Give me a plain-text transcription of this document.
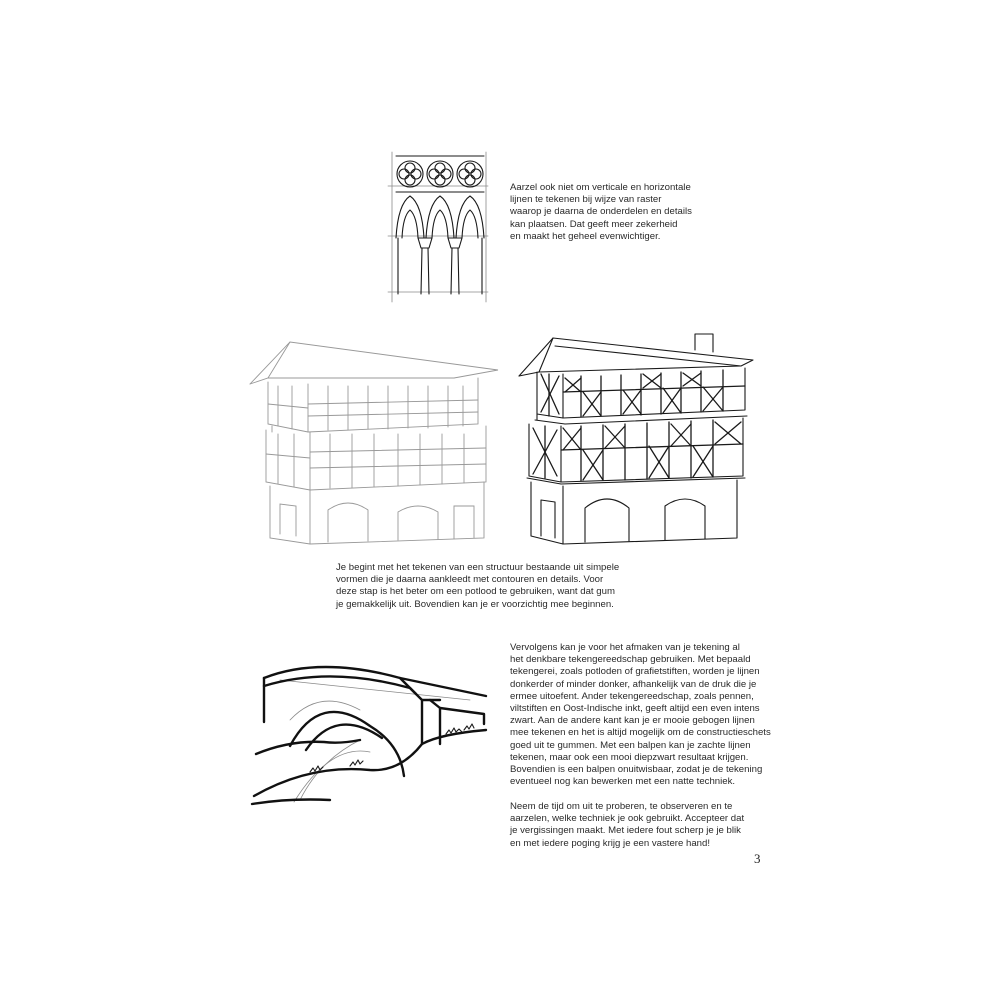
Aarzel ook niet om verticale en horizontale

lijnen te tekenen bij wijze van raster

waarop je daarna de onderdelen en details

kan plaatsen. Dat geeft meer zekerheid

en maakt het geheel evenwichtiger.

Je begint met het tekenen van een structuur bestaande uit simpele

vormen die je daarna aankleedt met contouren en details. Voor

deze stap is het beter om een potlood te gebruiken, want dat gum

je gemakkelijk uit. Bovendien kan je er voorzichtig mee beginnen.

Vervolgens kan je voor het afmaken van je tekening al

het denkbare tekengereedschap gebruiken. Met bepaald

tekengerei, zoals potloden of grafietstiften, worden je lijnen

donkerder of minder donker, afhankelijk van de druk die je

ermee uitoefent. Ander tekengereedschap, zoals pennen,

viltstiften en Oost-Indische inkt, geeft altijd een even intens

zwart. Aan de andere kant kan je er mooie gebogen lijnen

mee tekenen en het is altijd mogelijk om de constructieschets

goed uit te gummen. Met een balpen kan je zachte lijnen

tekenen, maar ook een mooi diepzwart resultaat krijgen.

Bovendien is een balpen onuitwisbaar, zodat je de tekening

eventueel nog kan bewerken met een natte techniek.

Neem de tijd om uit te proberen, te observeren en te

aarzelen, welke techniek je ook gebruikt. Accepteer dat

je vergissingen maakt. Met iedere fout scherp je je blik

en met iedere poging krijg je een vastere hand!

3
